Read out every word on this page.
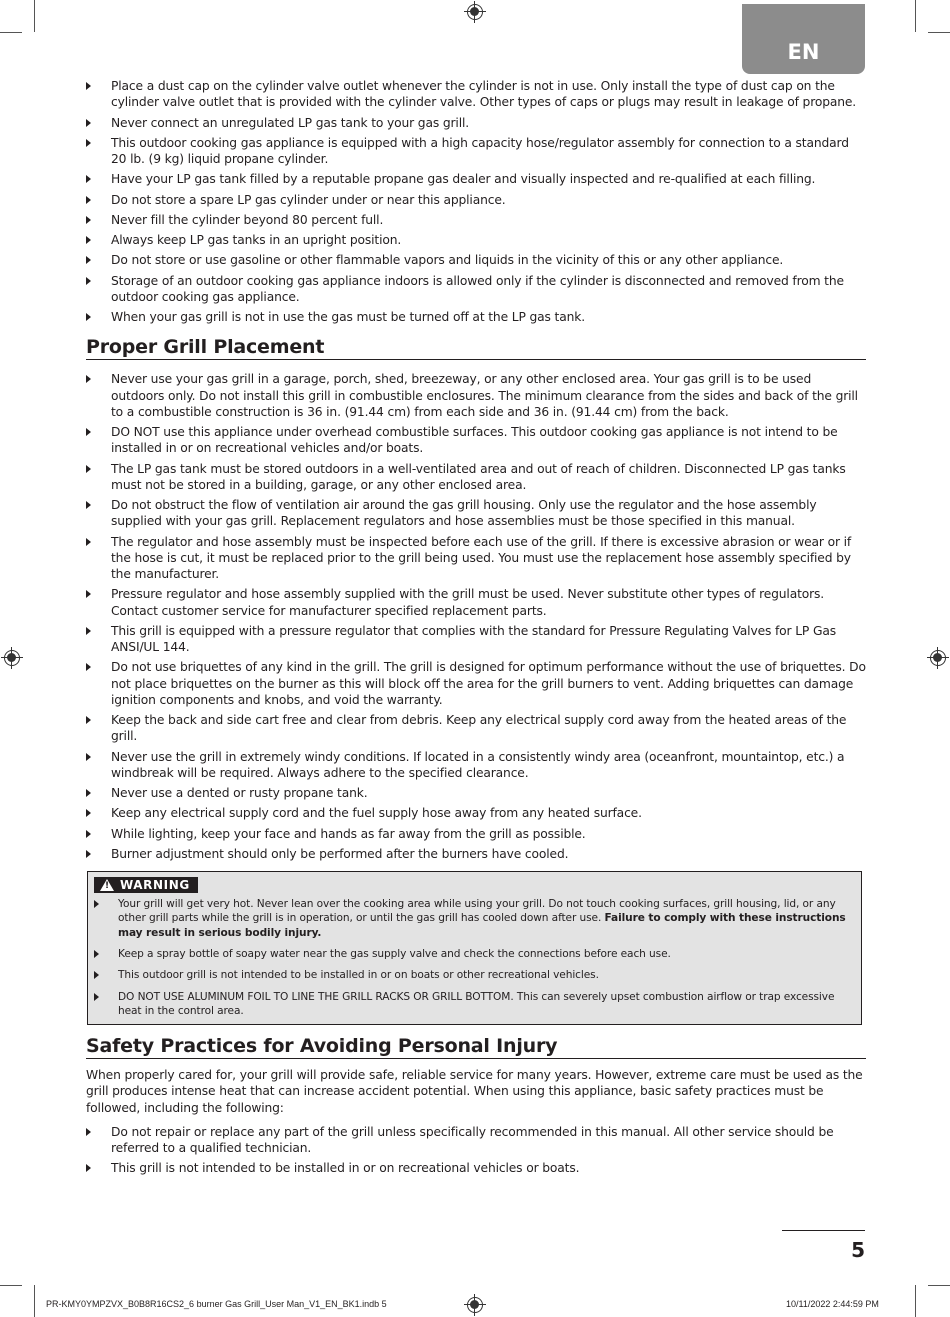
EN
Place a dust cap on the cylinder valve outlet whenever the cylinder is not in use. Only install the type of dust cap on the cylinder valve outlet that is provided with the cylinder valve. Other types of caps or plugs may result in leakage of propane.
Never connect an unregulated LP gas tank to your gas grill.
This outdoor cooking gas appliance is equipped with a high capacity hose/regulator assembly for connection to a standard 20 lb. (9 kg) liquid propane cylinder.
Have your LP gas tank filled by a reputable propane gas dealer and visually inspected and re-qualified at each filling.
Do not store a spare LP gas cylinder under or near this appliance.
Never fill the cylinder beyond 80 percent full.
Always keep LP gas tanks in an upright position.
Do not store or use gasoline or other flammable vapors and liquids in the vicinity of this or any other appliance.
Storage of an outdoor cooking gas appliance indoors is allowed only if the cylinder is disconnected and removed from the outdoor cooking gas appliance.
When your gas grill is not in use the gas must be turned off at the LP gas tank.
Proper Grill Placement
Never use your gas grill in a garage, porch, shed, breezeway, or any other enclosed area. Your gas grill is to be used outdoors only. Do not install this grill in combustible enclosures. The minimum clearance from the sides and back of the grill to a combustible construction is 36 in. (91.44 cm) from each side and 36 in. (91.44 cm) from the back.
DO NOT use this appliance under overhead combustible surfaces. This outdoor cooking gas appliance is not intend to be installed in or on recreational vehicles and/or boats.
The LP gas tank must be stored outdoors in a well-ventilated area and out of reach of children. Disconnected LP gas tanks must not be stored in a building, garage, or any other enclosed area.
Do not obstruct the flow of ventilation air around the gas grill housing. Only use the regulator and the hose assembly supplied with your gas grill. Replacement regulators and hose assemblies must be those specified in this manual.
The regulator and hose assembly must be inspected before each use of the grill. If there is excessive abrasion or wear or if the hose is cut, it must be replaced prior to the grill being used. You must use the replacement hose assembly specified by the manufacturer.
Pressure regulator and hose assembly supplied with the grill must be used. Never substitute other types of regulators. Contact customer service for manufacturer specified replacement parts.
This grill is equipped with a pressure regulator that complies with the standard for Pressure Regulating Valves for LP Gas ANSI/UL 144.
Do not use briquettes of any kind in the grill. The grill is designed for optimum performance without the use of briquettes. Do not place briquettes on the burner as this will block off the area for the grill burners to vent. Adding briquettes can damage ignition components and knobs, and void the warranty.
Keep the back and side cart free and clear from debris. Keep any electrical supply cord away from the heated areas of the grill.
Never use the grill in extremely windy conditions. If located in a consistently windy area (oceanfront, mountaintop, etc.) a windbreak will be required. Always adhere to the specified clearance.
Never use a dented or rusty propane tank.
Keep any electrical supply cord and the fuel supply hose away from any heated surface.
While lighting, keep your face and hands as far away from the grill as possible.
Burner adjustment should only be performed after the burners have cooled.
! WARNING
Your grill will get very hot. Never lean over the cooking area while using your grill. Do not touch cooking surfaces, grill housing, lid, or any other grill parts while the grill is in operation, or until the gas grill has cooled down after use. Failure to comply with these instructions may result in serious bodily injury.
Keep a spray bottle of soapy water near the gas supply valve and check the connections before each use.
This outdoor grill is not intended to be installed in or on boats or other recreational vehicles.
DO NOT USE ALUMINUM FOIL TO LINE THE GRILL RACKS OR GRILL BOTTOM. This can severely upset combustion airflow or trap excessive heat in the control area.
Safety Practices for Avoiding Personal Injury

When properly cared for, your grill will provide safe, reliable service for many years. However, extreme care must be used as the grill produces intense heat that can increase accident potential. When using this appliance, basic safety practices must be followed, including the following:

Do not repair or replace any part of the grill unless specifically recommended in this manual. All other service should be referred to a qualified technician.
This grill is not intended to be installed in or on recreational vehicles or boats.
5
PR-KMY0YMPZVX_B0B8R16CS2_6 burner Gas Grill_User Man_V1_EN_BK1.indb 5	10/11/2022 2:44:59 PM
